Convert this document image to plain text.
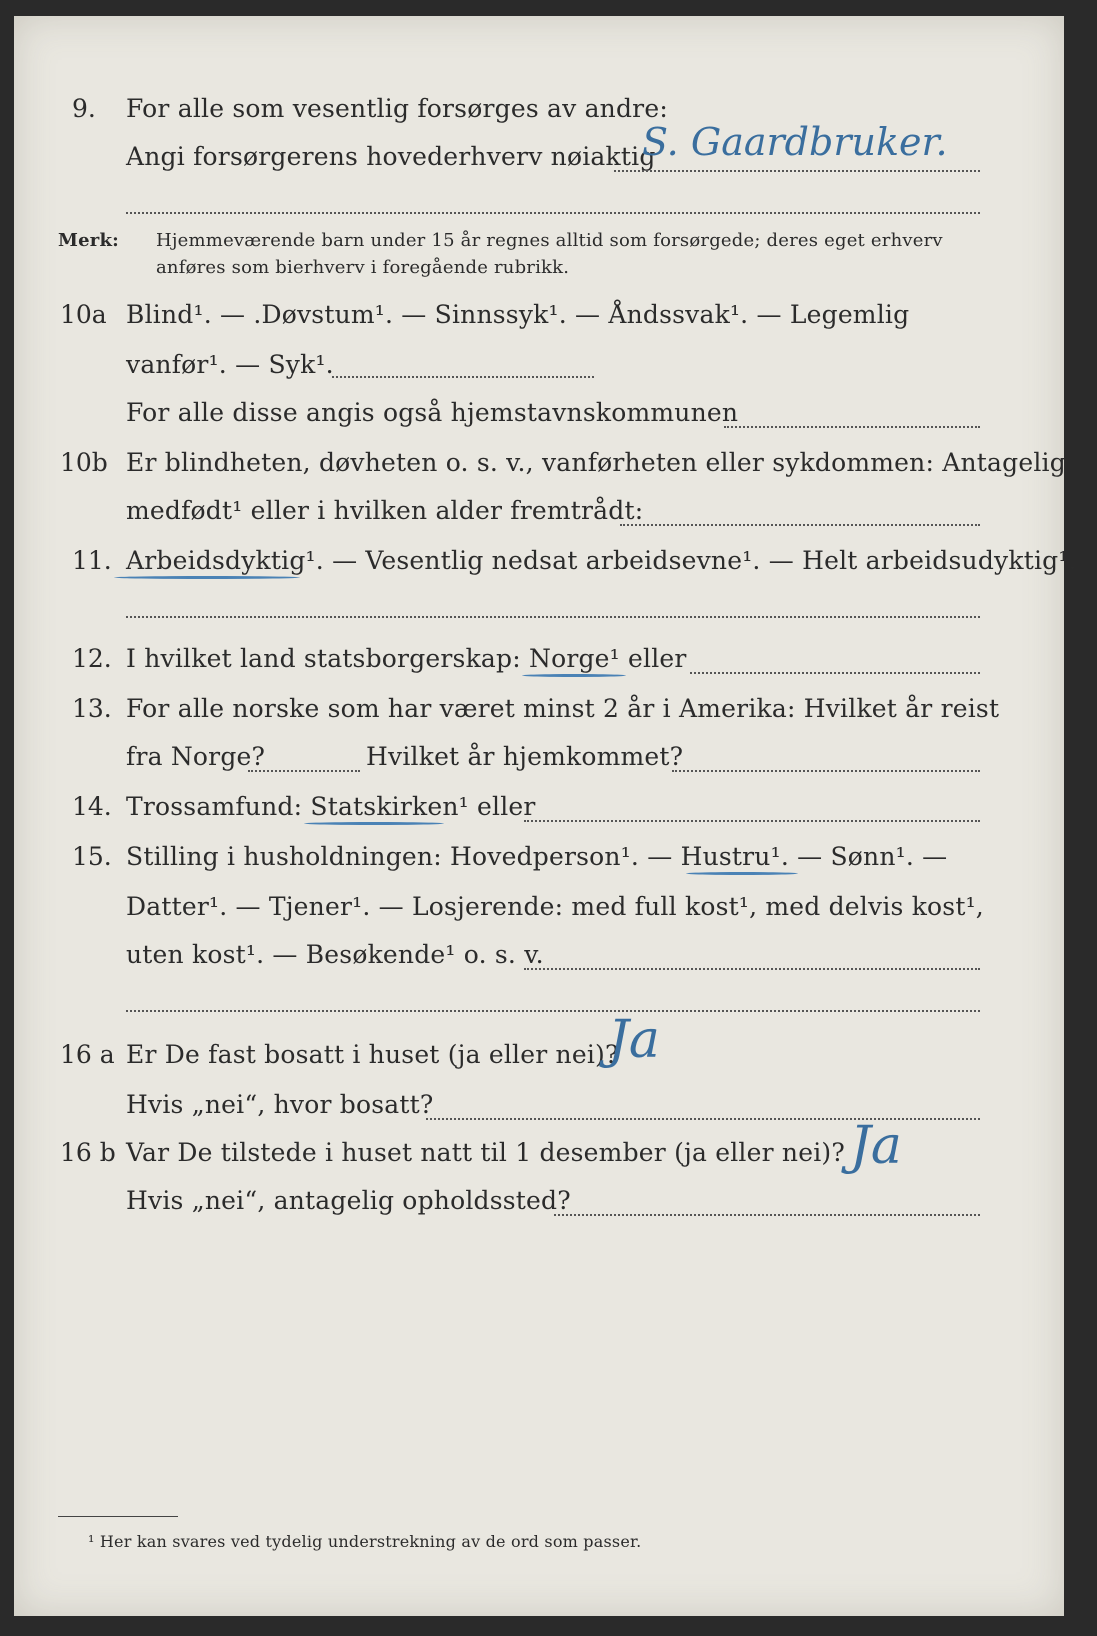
9. For alle som vesentlig forsørges av andre:
Angi forsørgerens hovederhverv nøiaktig
S. Gaardbruker.
Merk: Hjemmeværende barn under 15 år regnes alltid som forsørgede; deres eget erhverv
anføres som bierhverv i foregående rubrikk.
10a Blind¹. — .Døvstum¹. — Sinnssyk¹. — Åndssvak¹. — Legemlig
vanfør¹. — Syk¹.
For alle disse angis også hjemstavnskommunen
10b Er blindheten, døvheten o. s. v., vanførheten eller sykdommen: Antagelig
medfødt¹ eller i hvilken alder fremtrådt:
11. Arbeidsdyktig¹. — Vesentlig nedsat arbeidsevne¹. — Helt arbeidsudyktig¹.
12. I hvilket land statsborgerskap: Norge¹ eller
13. For alle norske som har været minst 2 år i Amerika: Hvilket år reist
fra Norge?	Hvilket år hjemkommet?
14. Trossamfund: Statskirken¹ eller
15. Stilling i husholdningen: Hovedperson¹. — Hustru¹. — Sønn¹. —
Datter¹. — Tjener¹. — Losjerende: med full kost¹, med delvis kost¹,
uten kost¹. — Besøkende¹ o. s. v.
16 a Er De fast bosatt i huset (ja eller nei)?
Ja
Hvis „nei“, hvor bosatt?
16 b Var De tilstede i huset natt til 1 desember (ja eller nei)? Ja
Hvis „nei“, antagelig opholdssted?
¹ Her kan svares ved tydelig understrekning av de ord som passer.
